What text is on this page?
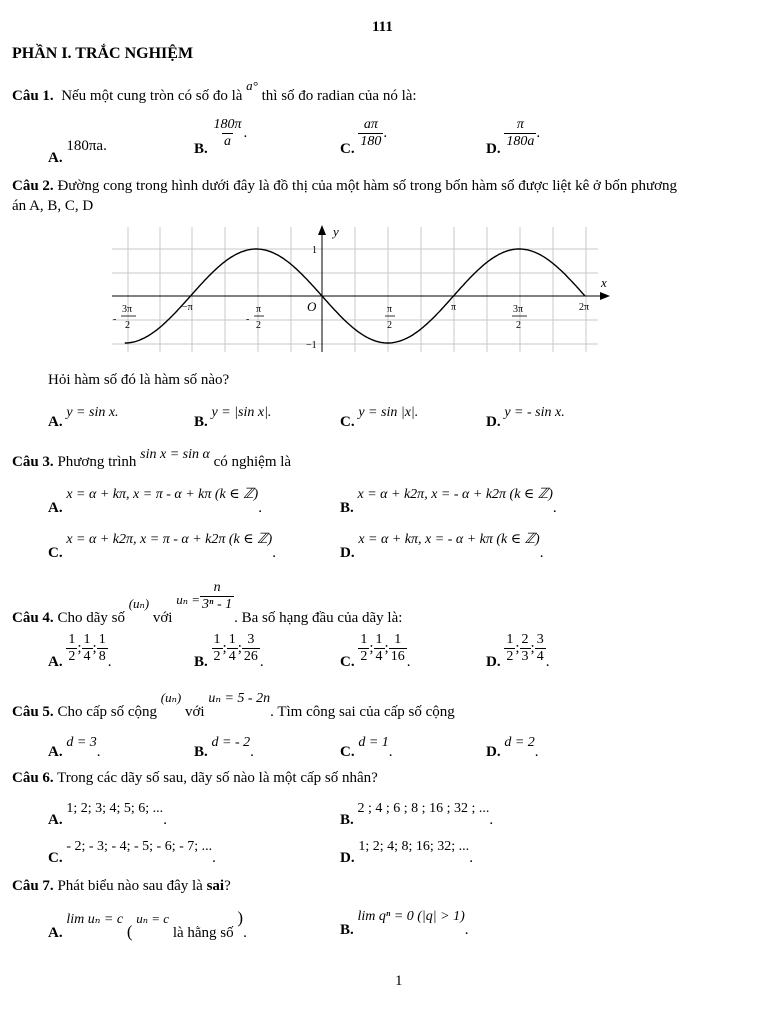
111
PHẦN I. TRẮC NGHIỆM
Câu 1. Nếu một cung tròn có số đo là a° thì số đo radian của nó là:
A. 180πa.	B. $\frac{180\pi}{a}$ .
C. $\frac{a\pi}{180}$ .
D. $\frac{\pi}{180a}$ .
Câu 2. Đường cong trong hình dưới đây là đồ thị của một hàm số trong bốn hàm số được liệt kê ở bốn phương
án A, B, C, D
y
x
O
1
−1
−π	π	2π
-
3π
2
-
π
2
π
2
3π
2
Hỏi hàm số đó là hàm số nào?
A. y = sin x.
B. y = |sin x|.
C. y = sin |x|.
D. y = - sin x.
Câu 3. Phương trình sin x = sin α có nghiệm là
A. x = α + kπ, x = π - α + kπ (k ∈ ℤ).	B. x = α + k2π, x = - α + k2π (k ∈ ℤ).
C. x = α + k2π, x = π - α + k2π (k ∈ ℤ).	D. x = α + kπ, x = - α + kπ (k ∈ ℤ).
Câu 4. Cho dãy số (uₙ) với $u_n = \frac{n}{\text{3ⁿ - 1}}$
. Ba số hạng đầu của dãy là:
A. $\frac{1}{2}$ ; $\frac{1}{4}$ ; $\frac{1}{8}$ .	B. $\frac{1}{2}$ ; $\frac{1}{4}$ ; $\frac{3}{26}$ .	C. $\frac{1}{2}$ ; $\frac{1}{4}$ ; $\frac{1}{16}$ .	D. $\frac{1}{2}$ ; $\frac{2}{3}$ ; $\frac{3}{4}$ .
Câu 5. Cho cấp số cộng (uₙ) với uₙ = 5 - 2n. Tìm công sai của cấp số cộng
A. d = 3.	B. d = - 2.	C. d = 1.	D. d = 2.
Câu 6. Trong các dãy số sau, dãy số nào là một cấp số nhân?
A. 1; 2; 3; 4; 5; 6; ....	B. 2 ; 4 ; 6 ; 8 ; 16 ; 32 ; ....
C. - 2; - 3; - 4; - 5; - 6; - 7; ....	D. 1; 2; 4; 8; 16; 32; ....
Câu 7. Phát biểu nào sau đây là sai?
A. lim uₙ = c ( uₙ = c là hằng số ).	B. lim qⁿ = 0 (|q| > 1).
1
